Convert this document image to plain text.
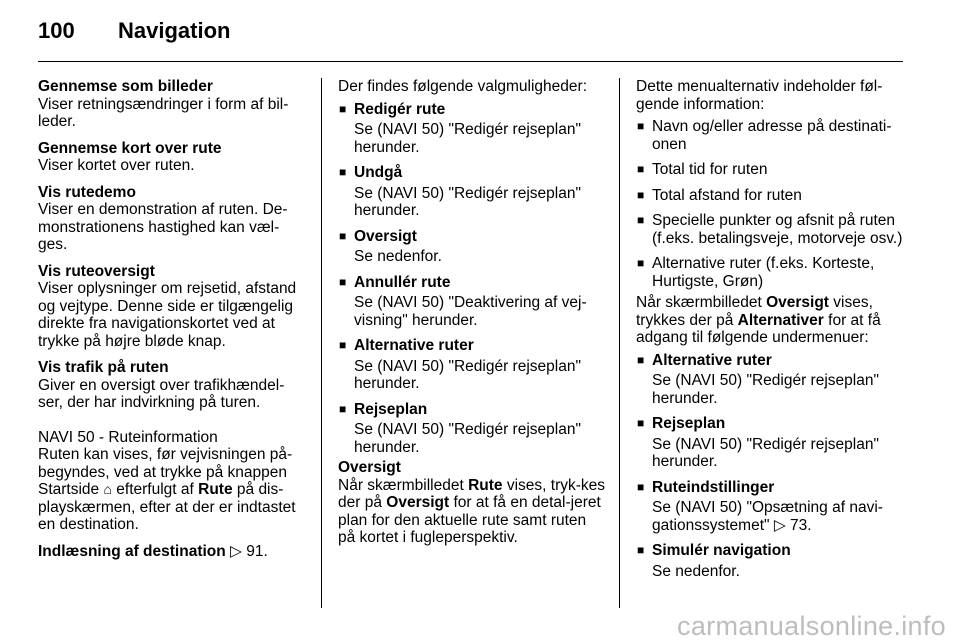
100 Navigation
Gennemse som billeder
Viser retningsændringer i form af bil-leder.
Gennemse kort over rute
Viser kortet over ruten.
Vis rutedemo
Viser en demonstration af ruten. De-monstrationens hastighed kan væl-ges.
Vis ruteoversigt
Viser oplysninger om rejsetid, afstand og vejtype. Denne side er tilgængelig direkte fra navigationskortet ved at trykke på højre bløde knap.
Vis trafik på ruten
Giver en oversigt over trafikhændel-ser, der har indvirkning på turen.
NAVI 50 - Ruteinformation
Ruten kan vises, før vejvisningen på-begyndes, ved at trykke på knappen Startside ⌂ efterfulgt af Rute på dis-playskærmen, efter at der er indtastet en destination.
Indlæsning af destination ▷ 91.
Der findes følgende valgmuligheder:
■ Redigér rute
Se (NAVI 50) "Redigér rejseplan" herunder.
■ Undgå
Se (NAVI 50) "Redigér rejseplan" herunder.
■ Oversigt
Se nedenfor.
■ Annullér rute
Se (NAVI 50) "Deaktivering af vej-visning" herunder.
■ Alternative ruter
Se (NAVI 50) "Redigér rejseplan" herunder.
■ Rejseplan
Se (NAVI 50) "Redigér rejseplan" herunder.
Oversigt
Når skærmbilledet Rute vises, tryk-kes der på Oversigt for at få en detal-jeret plan for den aktuelle rute samt ruten på kortet i fugleperspektiv.
Dette menualternativ indeholder føl-gende information:
■ Navn og/eller adresse på destinati-onen
■ Total tid for ruten
■ Total afstand for ruten
■ Specielle punkter og afsnit på ruten (f.eks. betalingsveje, motorveje osv.)
■ Alternative ruter (f.eks. Korteste, Hurtigste, Grøn)
Når skærmbilledet Oversigt vises, trykkes der på Alternativer for at få adgang til følgende undermenuer:
■ Alternative ruter
Se (NAVI 50) "Redigér rejseplan" herunder.
■ Rejseplan
Se (NAVI 50) "Redigér rejseplan" herunder.
■ Ruteindstillinger
Se (NAVI 50) "Opsætning af navi-gationssystemet" ▷ 73.
■ Simulér navigation
Se nedenfor.
carmanualsonline.info
